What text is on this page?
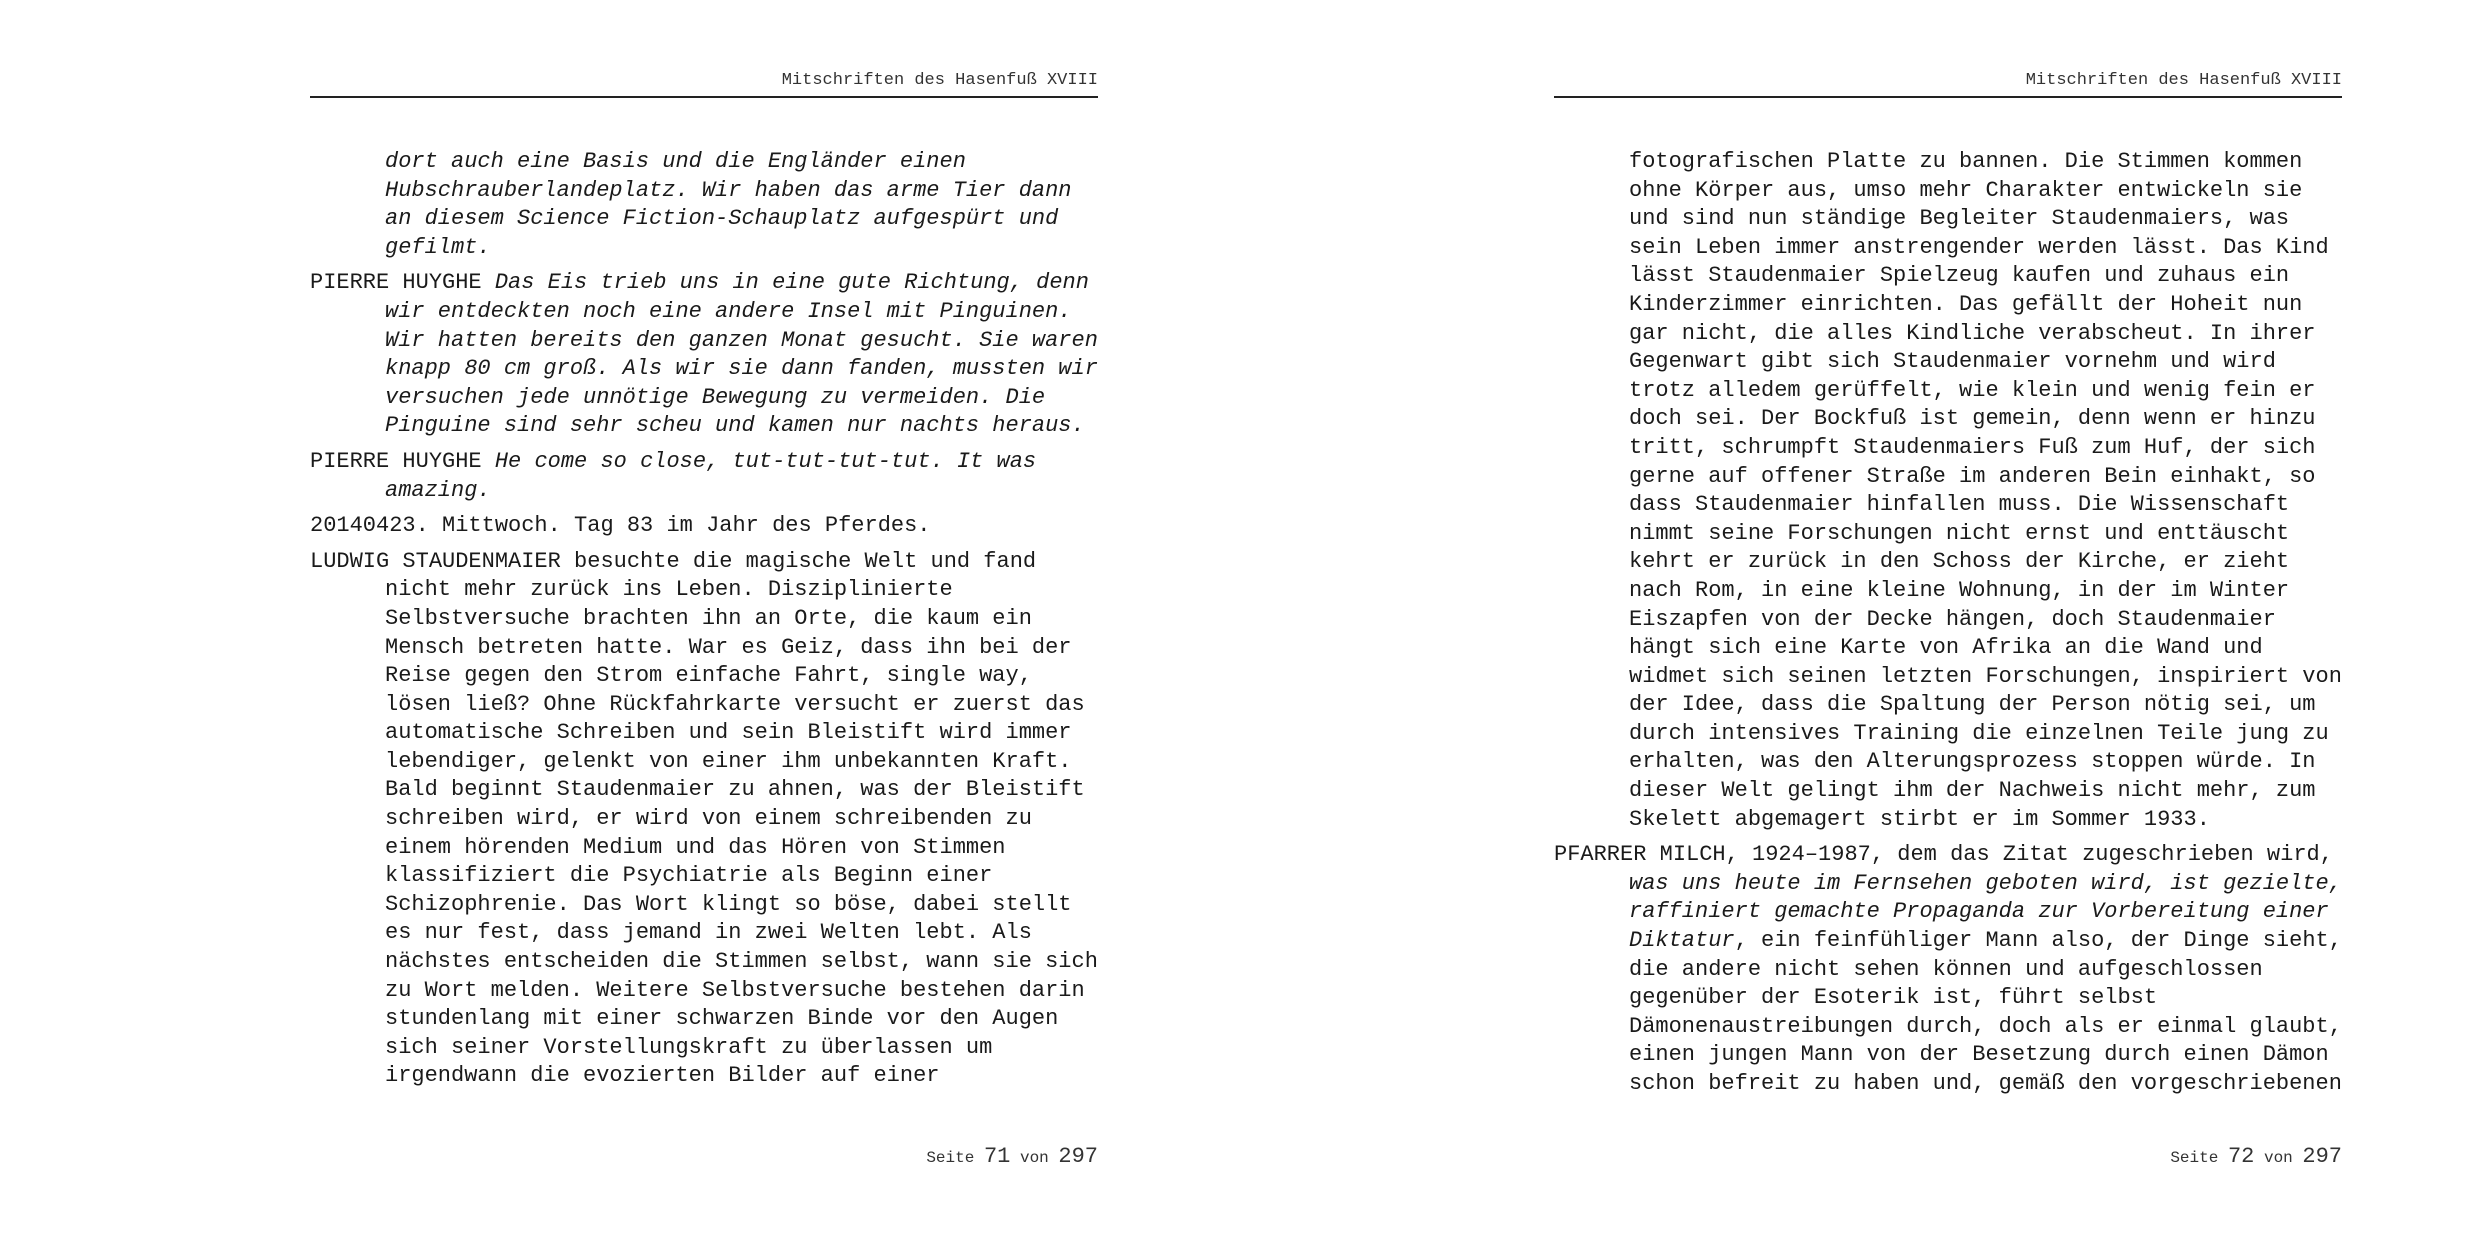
Mitschriften des Hasenfuß XVIII

dort auch eine Basis und die Engländer einen
Hubschrauberlandeplatz. Wir haben das arme Tier dann
an diesem Science Fiction-Schauplatz aufgespürt und
gefilmt.

PIERRE HUYGHE Das Eis trieb uns in eine gute Richtung, denn
wir entdeckten noch eine andere Insel mit Pinguinen.
Wir hatten bereits den ganzen Monat gesucht. Sie waren
knapp 80 cm groß. Als wir sie dann fanden, mussten wir
versuchen jede unnötige Bewegung zu vermeiden. Die
Pinguine sind sehr scheu und kamen nur nachts heraus.

PIERRE HUYGHE He come so close, tut-tut-tut-tut. It was
amazing.

20140423. Mittwoch. Tag 83 im Jahr des Pferdes.

LUDWIG STAUDENMAIER besuchte die magische Welt und fand
nicht mehr zurück ins Leben. Disziplinierte
Selbstversuche brachten ihn an Orte, die kaum ein
Mensch betreten hatte. War es Geiz, dass ihn bei der
Reise gegen den Strom einfache Fahrt, single way,
lösen ließ? Ohne Rückfahrkarte versucht er zuerst das
automatische Schreiben und sein Bleistift wird immer
lebendiger, gelenkt von einer ihm unbekannten Kraft.
Bald beginnt Staudenmaier zu ahnen, was der Bleistift
schreiben wird, er wird von einem schreibenden zu
einem hörenden Medium und das Hören von Stimmen
klassifiziert die Psychiatrie als Beginn einer
Schizophrenie. Das Wort klingt so böse, dabei stellt
es nur fest, dass jemand in zwei Welten lebt. Als
nächstes entscheiden die Stimmen selbst, wann sie sich
zu Wort melden. Weitere Selbstversuche bestehen darin
stundenlang mit einer schwarzen Binde vor den Augen
sich seiner Vorstellungskraft zu überlassen um
irgendwann die evozierten Bilder auf einer

Seite 71 von 297
Mitschriften des Hasenfuß XVIII

fotografischen Platte zu bannen. Die Stimmen kommen
ohne Körper aus, umso mehr Charakter entwickeln sie
und sind nun ständige Begleiter Staudenmaiers, was
sein Leben immer anstrengender werden lässt. Das Kind
lässt Staudenmaier Spielzeug kaufen und zuhaus ein
Kinderzimmer einrichten. Das gefällt der Hoheit nun
gar nicht, die alles Kindliche verabscheut. In ihrer
Gegenwart gibt sich Staudenmaier vornehm und wird
trotz alledem gerüffelt, wie klein und wenig fein er
doch sei. Der Bockfuß ist gemein, denn wenn er hinzu
tritt, schrumpft Staudenmaiers Fuß zum Huf, der sich
gerne auf offener Straße im anderen Bein einhakt, so
dass Staudenmaier hinfallen muss. Die Wissenschaft
nimmt seine Forschungen nicht ernst und enttäuscht
kehrt er zurück in den Schoss der Kirche, er zieht
nach Rom, in eine kleine Wohnung, in der im Winter
Eiszapfen von der Decke hängen, doch Staudenmaier
hängt sich eine Karte von Afrika an die Wand und
widmet sich seinen letzten Forschungen, inspiriert von
der Idee, dass die Spaltung der Person nötig sei, um
durch intensives Training die einzelnen Teile jung zu
erhalten, was den Alterungsprozess stoppen würde. In
dieser Welt gelingt ihm der Nachweis nicht mehr, zum
Skelett abgemagert stirbt er im Sommer 1933.

PFARRER MILCH, 1924–1987, dem das Zitat zugeschrieben wird,
was uns heute im Fernsehen geboten wird, ist gezielte,
raffiniert gemachte Propaganda zur Vorbereitung einer
Diktatur, ein feinfühliger Mann also, der Dinge sieht,
die andere nicht sehen können und aufgeschlossen
gegenüber der Esoterik ist, führt selbst
Dämonenaustreibungen durch, doch als er einmal glaubt,
einen jungen Mann von der Besetzung durch einen Dämon
schon befreit zu haben und, gemäß den vorgeschriebenen

Seite 72 von 297
